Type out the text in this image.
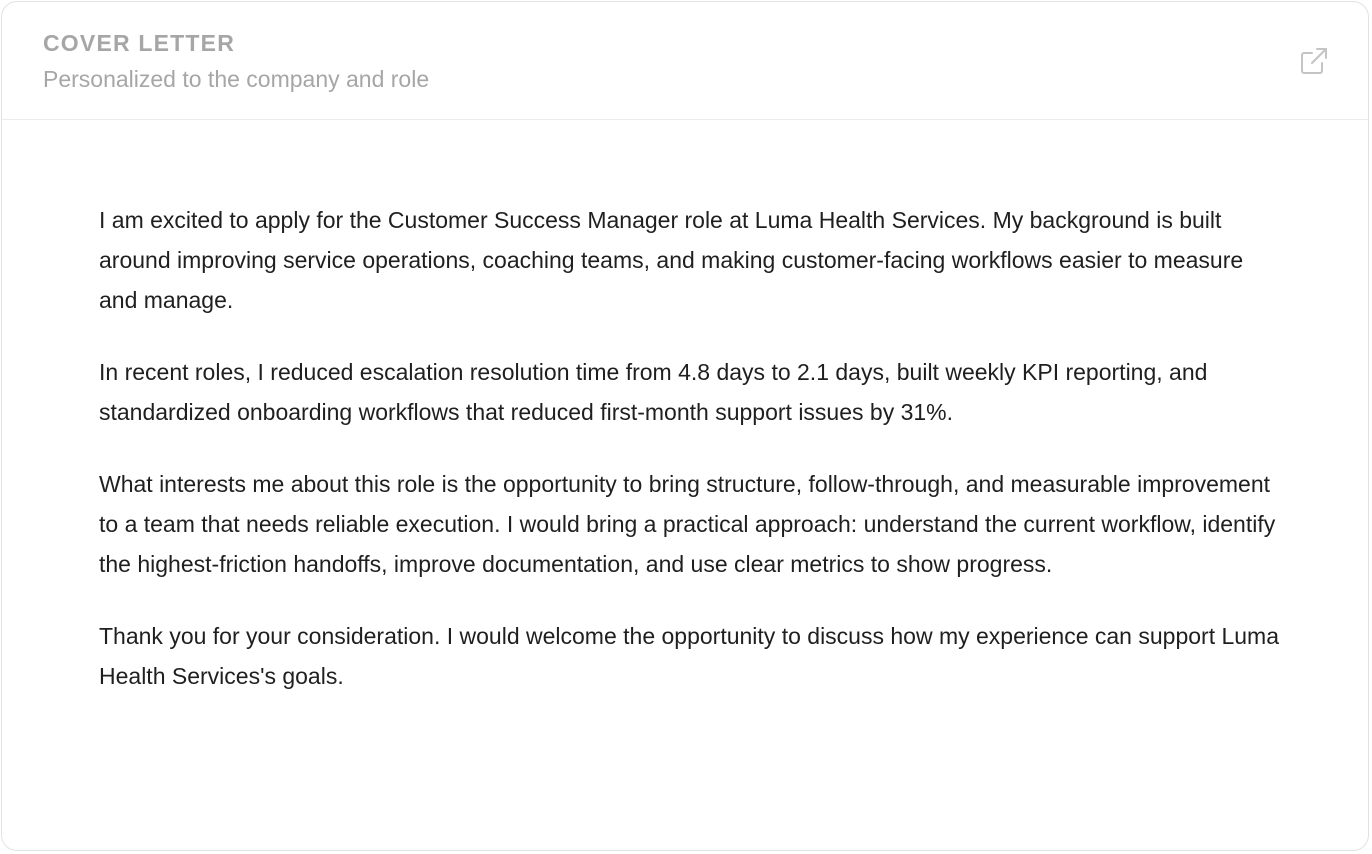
COVER LETTER
Personalized to the company and role

I am excited to apply for the Customer Success Manager role at Luma Health Services. My background is built around improving service operations, coaching teams, and making customer-facing workflows easier to measure and manage.

In recent roles, I reduced escalation resolution time from 4.8 days to 2.1 days, built weekly KPI reporting, and standardized onboarding workflows that reduced first-month support issues by 31%.

What interests me about this role is the opportunity to bring structure, follow-through, and measurable improvement to a team that needs reliable execution. I would bring a practical approach: understand the current workflow, identify the highest-friction handoffs, improve documentation, and use clear metrics to show progress.

Thank you for your consideration. I would welcome the opportunity to discuss how my experience can support Luma Health Services's goals.
